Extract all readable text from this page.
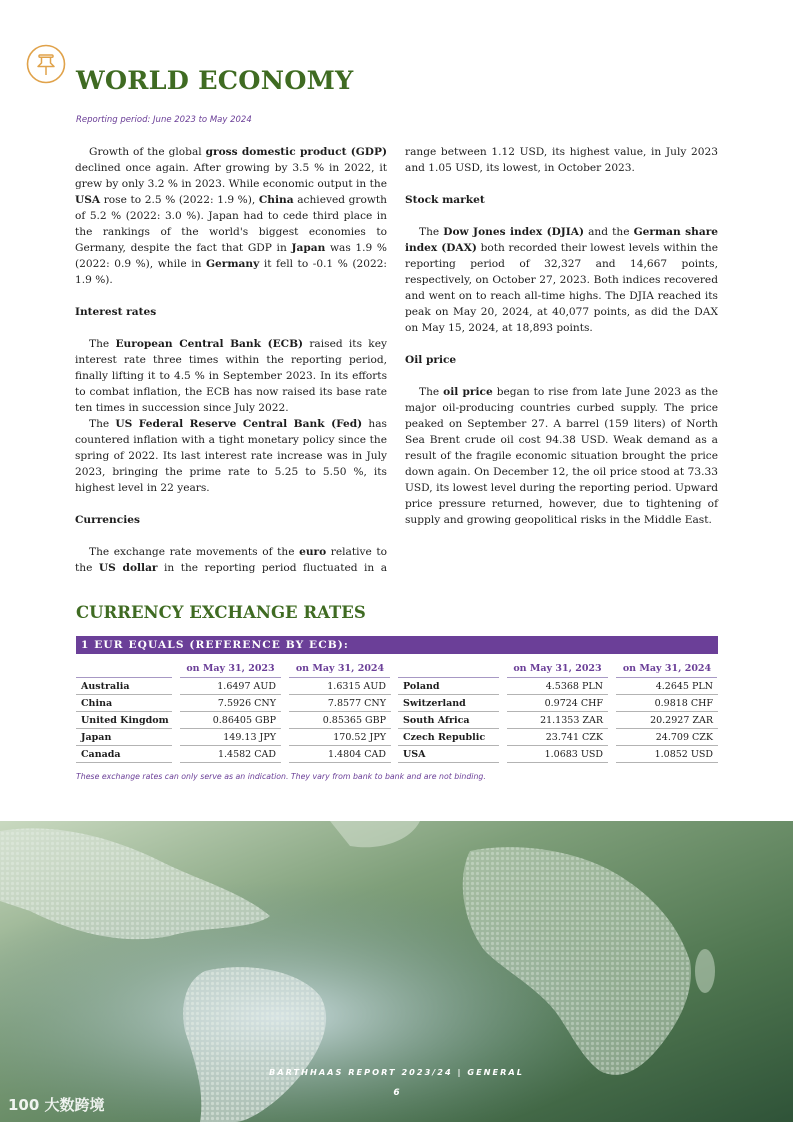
WORLD ECONOMY
Reporting period: June 2023 to May 2024

Growth of the global gross domestic product (GDP) declined once again. After growing by 3.5 % in 2022, it grew by only 3.2 % in 2023. While economic output in the USA rose to 2.5 % (2022: 1.9 %), China achieved growth of 5.2 % (2022: 3.0 %). Japan had to cede third place in the rankings of the world's biggest economies to Germany, despite the fact that GDP in Japan was 1.9 % (2022: 0.9 %), while in Germany it fell to -0.1 % (2022: 1.9 %).

Interest rates

The European Central Bank (ECB) raised its key interest rate three times within the reporting period, finally lifting it to 4.5 % in September 2023. In its efforts to combat inflation, the ECB has now raised its base rate ten times in succession since July 2022.

The US Federal Reserve Central Bank (Fed) has countered inflation with a tight monetary policy since the spring of 2022. Its last interest rate increase was in July 2023, bringing the prime rate to 5.25 to 5.50 %, its highest level in 22 years.

Currencies

The exchange rate movements of the euro relative to the US dollar in the reporting period fluctuated in a

range between 1.12 USD, its highest value, in July 2023 and 1.05 USD, its lowest, in October 2023.

Stock market

The Dow Jones index (DJIA) and the German share index (DAX) both recorded their lowest levels within the reporting period of 32,327 and 14,667 points, respectively, on October 27, 2023. Both indices recovered and went on to reach all-time highs. The DJIA reached its peak on May 20, 2024, at 40,077 points, as did the DAX on May 15, 2024, at 18,893 points.

Oil price

The oil price began to rise from late June 2023 as the major oil-producing countries curbed supply. The price peaked on September 27. A barrel (159 liters) of North Sea Brent crude oil cost 94.38 USD. Weak demand as a result of the fragile economic situation brought the price down again. On December 12, the oil price stood at 73.33 USD, its lowest level during the reporting period. Upward price pressure returned, however, due to tightening of supply and growing geopolitical risks in the Middle East.

CURRENCY EXCHANGE RATES
1 EUR EQUALS (REFERENCE BY ECB):
on May 31, 2023	on May 31, 2024
Australia	1.6497 AUD	1.6315 AUD
China	7.5926 CNY	7.8577 CNY
United Kingdom	0.86405 GBP	0.85365 GBP
Japan	149.13 JPY	170.52 JPY
Canada	1.4582 CAD	1.4804 CAD
on May 31, 2023	on May 31, 2024
Poland	4.5368 PLN	4.2645 PLN
Switzerland	0.9724 CHF	0.9818 CHF
South Africa	21.1353 ZAR	20.2927 ZAR
Czech Republic	23.741 CZK	24.709 CZK
USA	1.0683 USD	1.0852 USD
These exchange rates can only serve as an indication. They vary from bank to bank and are not binding.
BARTHHAAS REPORT 2023/24 | GENERAL
6
100 大数跨境
